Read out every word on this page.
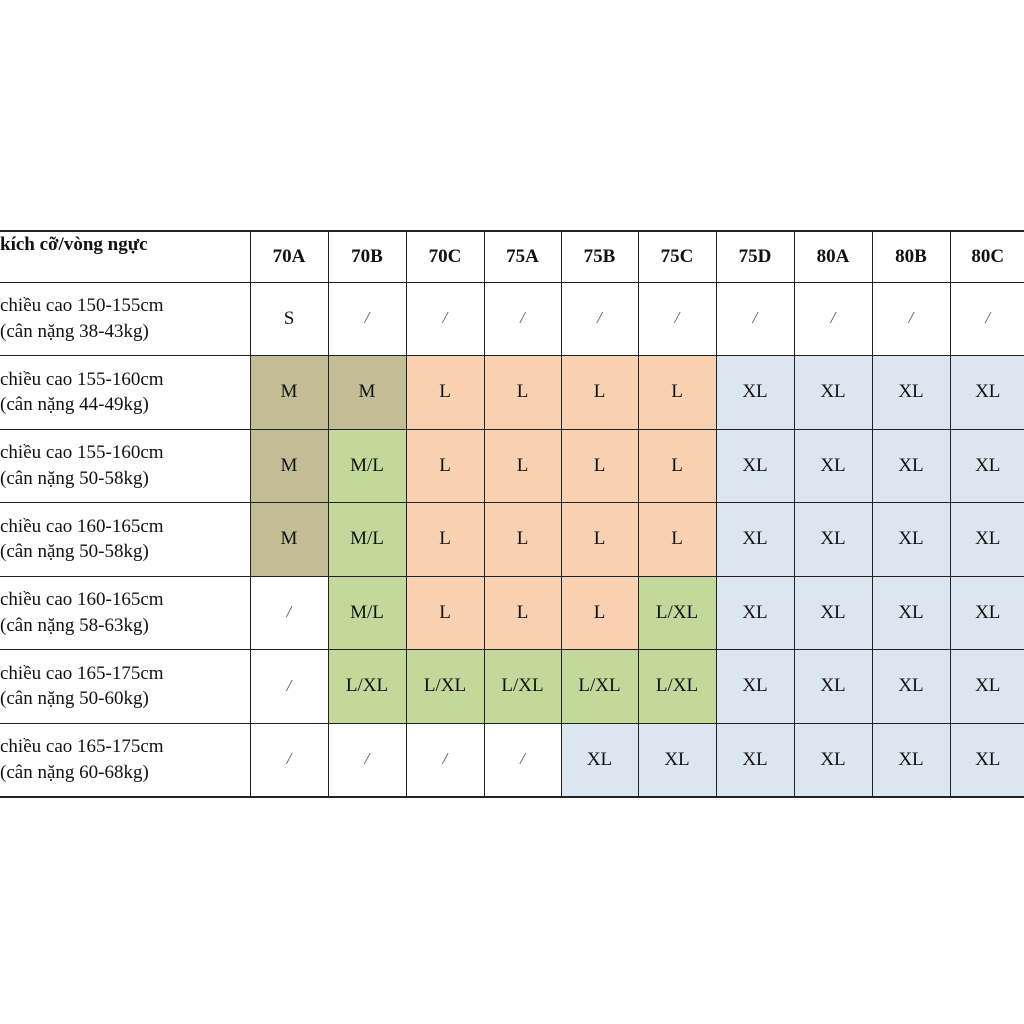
kích cỡ/vòng ngực	70A	70B	70C	75A	75B	75C	75D	80A	80B	80C

chiều cao 150-155cm
(cân nặng 38-43kg)	S	/	/	/	/	/	/	/	/	/

chiều cao 155-160cm
(cân nặng 44-49kg)	M	M	L	L	L	L	XL	XL	XL	XL

chiều cao 155-160cm
(cân nặng 50-58kg)	M	M/L	L	L	L	L	XL	XL	XL	XL

chiều cao 160-165cm
(cân nặng 50-58kg)	M	M/L	L	L	L	L	XL	XL	XL	XL

chiều cao 160-165cm
(cân nặng 58-63kg)	/	M/L	L	L	L	L/XL	XL	XL	XL	XL

chiều cao 165-175cm
(cân nặng 50-60kg)	/	L/XL	L/XL	L/XL	L/XL	L/XL	XL	XL	XL	XL

chiều cao 165-175cm
(cân nặng 60-68kg)	/	/	/	/	XL	XL	XL	XL	XL	XL
